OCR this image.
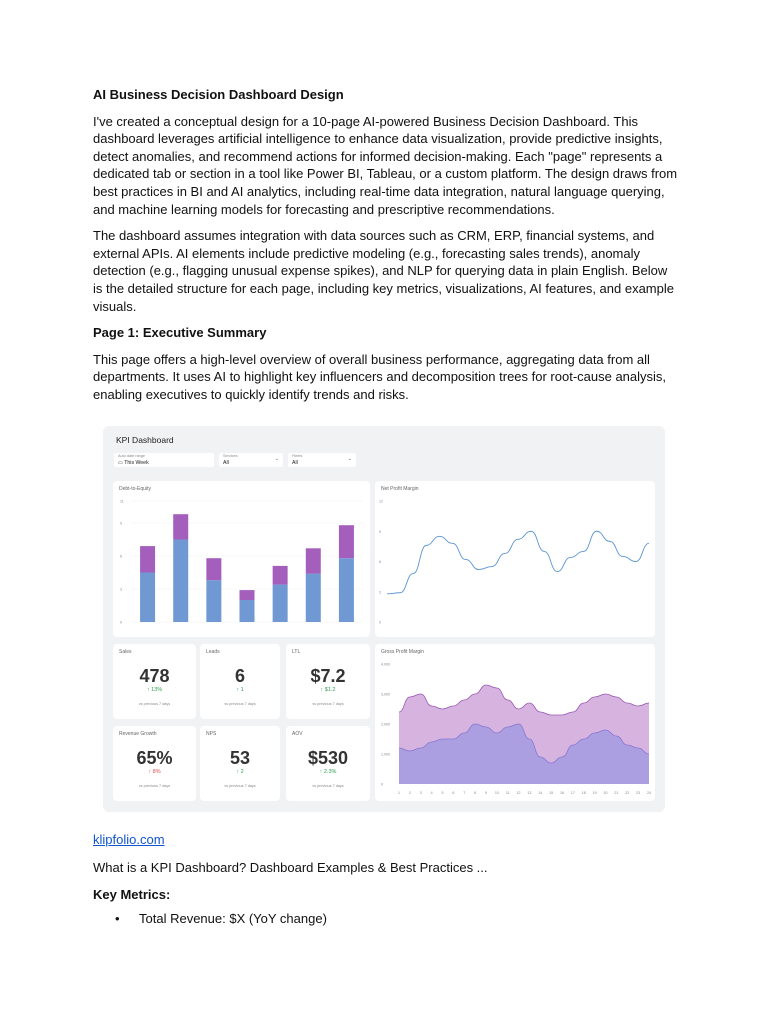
AI Business Decision Dashboard Design

I've created a conceptual design for a 10-page AI-powered Business Decision Dashboard. This dashboard leverages artificial intelligence to enhance data visualization, provide predictive insights, detect anomalies, and recommend actions for informed decision-making. Each "page" represents a dedicated tab or section in a tool like Power BI, Tableau, or a custom platform. The design draws from best practices in BI and AI analytics, including real-time data integration, natural language querying, and machine learning models for forecasting and prescriptive recommendations.

The dashboard assumes integration with data sources such as CRM, ERP, financial systems, and external APIs. AI elements include predictive modeling (e.g., forecasting sales trends), anomaly detection (e.g., flagging unusual expense spikes), and NLP for querying data in plain English. Below is the detailed structure for each page, including key metrics, visualizations, AI features, and example visuals.

Page 1: Executive Summary

This page offers a high-level overview of overall business performance, aggregating data from all departments. It uses AI to highlight key influencers and decomposition trees for root-cause analysis, enabling executives to quickly identify trends and risks.

KPI Dashboard
Auto date range
▭ This Week
Services
All
⌄	Fleets
All
⌄
Debt-to-Equity
0
3
6
9
11
Net Profit Margin
0
3
6
9
12
Sales
478
↑ 13%
vs previous 7 days
Leads
6
↑ 1
vs previous 7 days
LTL
$7.2
↑ $1.2
vs previous 7 days
Revenue Growth
65%
↑ 8%
vs previous 7 days
NPS
53
↑ 2
vs previous 7 days
AOV
$530
↑ 2.3%
vs previous 7 days
Gross Profit Margin
0
1,000
2,000
3,000
4,000
1 2 3 4 5 6 7 8 9 10 11 12 13 14 15 16 17 18 19 20 21 22 23 24

klipfolio.com

What is a KPI Dashboard? Dashboard Examples & Best Practices ...

Key Metrics:

•	Total Revenue: $X (YoY change)
